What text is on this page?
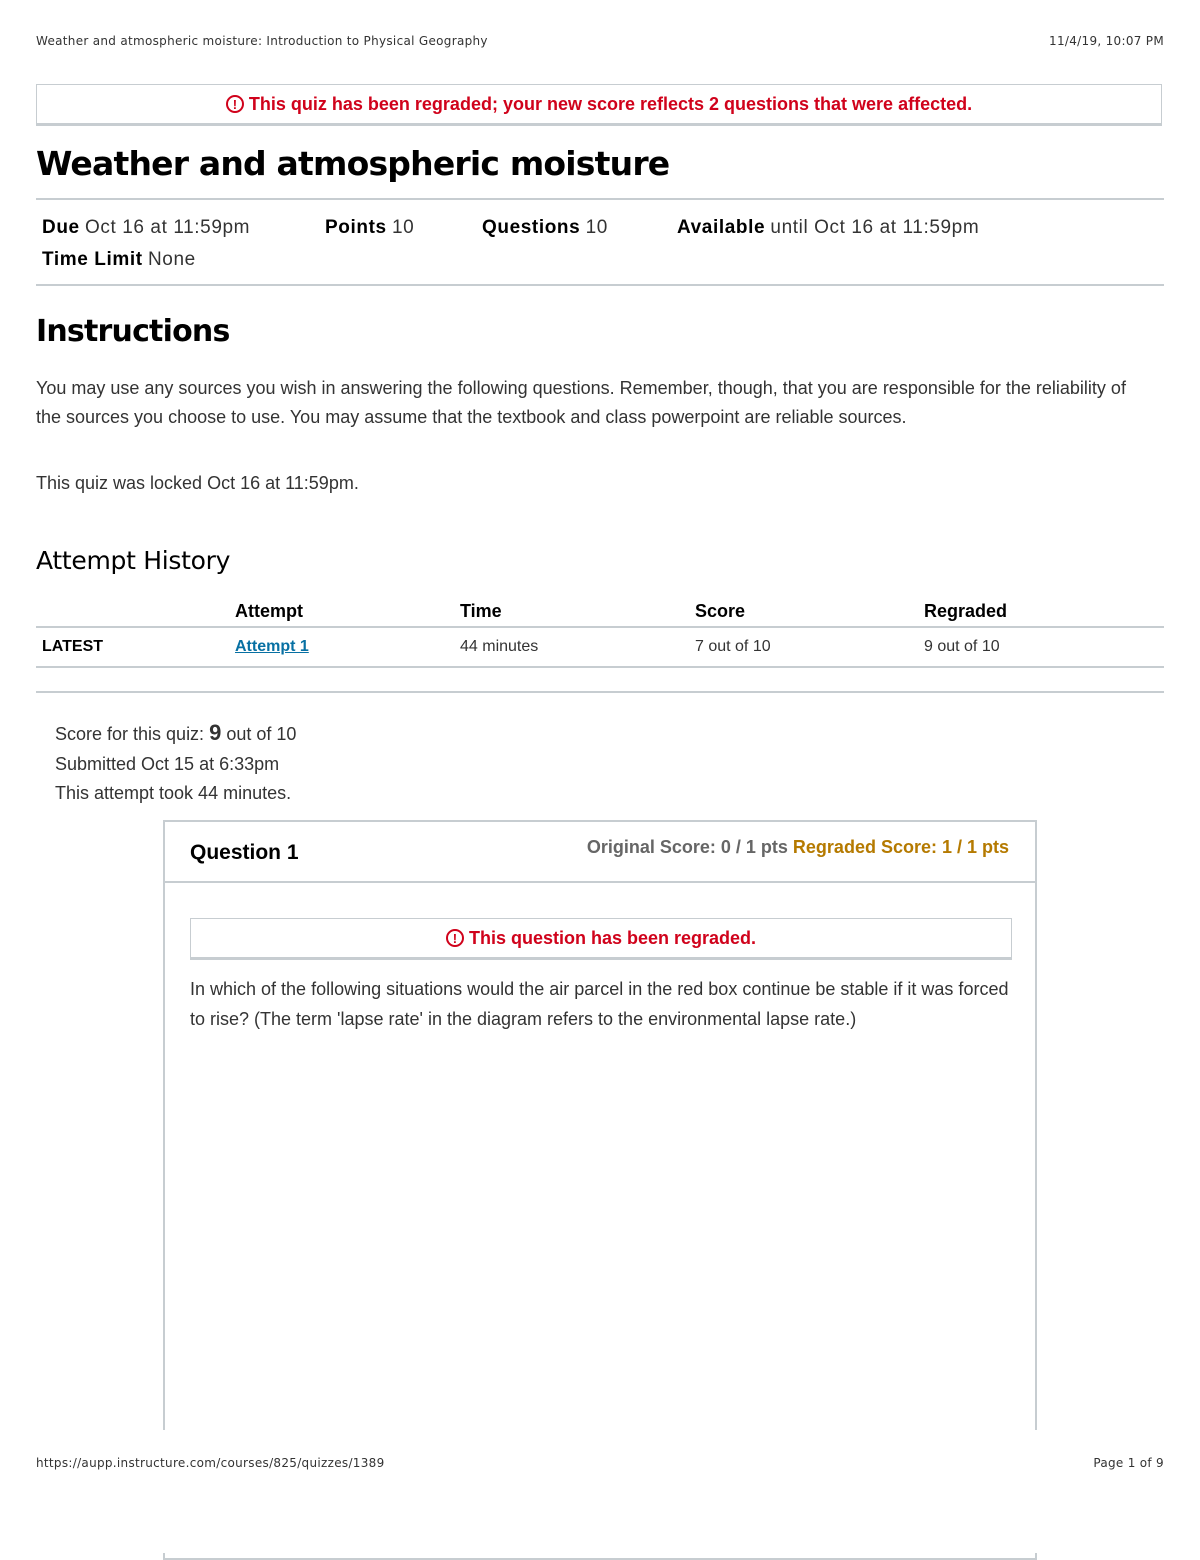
Weather and atmospheric moisture: Introduction to Physical Geography	11/4/19, 10:07 PM
! This quiz has been regraded; your new score reflects 2 questions that were affected.
Weather and atmospheric moisture
Due Oct 16 at 11:59pm	Points 10	Questions 10	Available until Oct 16 at 11:59pm
Time Limit None
Instructions

You may use any sources you wish in answering the following questions. Remember, though, that you are responsible for the reliability of the sources you choose to use. You may assume that the textbook and class powerpoint are reliable sources.

This quiz was locked Oct 16 at 11:59pm.

Attempt History
	Attempt	Time	Score	Regraded
LATEST	Attempt 1	44 minutes	7 out of 10	9 out of 10
Score for this quiz: 9 out of 10
Submitted Oct 15 at 6:33pm
This attempt took 44 minutes.
Question 1	Original Score: 0 / 1 pts Regraded Score: 1 / 1 pts
! This question has been regraded.

In which of the following situations would the air parcel in the red box continue be stable if it was forced to rise? (The term 'lapse rate' in the diagram refers to the environmental lapse rate.)

https://aupp.instructure.com/courses/825/quizzes/1389	Page 1 of 9
